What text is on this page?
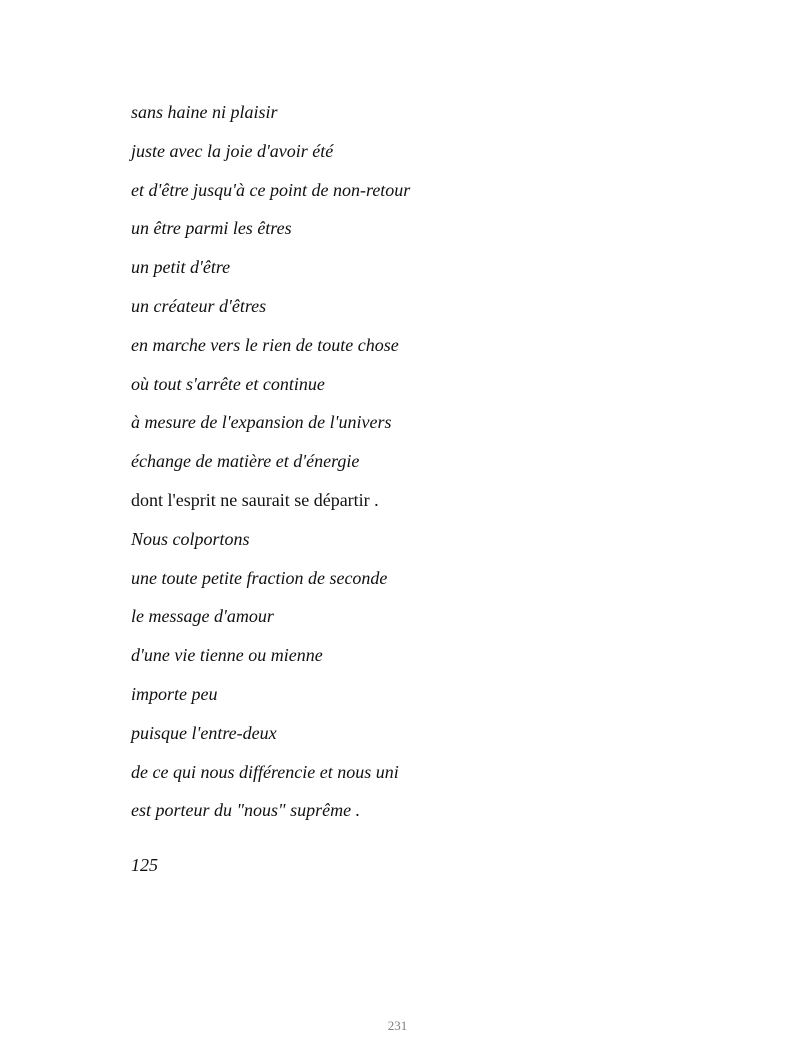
sans haine ni plaisir
juste avec la joie d'avoir été
et d'être jusqu'à ce point de non-retour
un être parmi les êtres
un petit d'être
un créateur d'êtres
en marche vers le rien de toute chose
où tout s'arrête et continue
à mesure de l'expansion de l'univers
échange de matière et d'énergie
dont l'esprit ne saurait se départir .
Nous colportons
une toute petite fraction de seconde
le message d'amour
d'une vie tienne ou mienne
importe peu
puisque l'entre-deux
de ce qui nous différencie et nous uni
est porteur du "nous" suprême .
125
231
